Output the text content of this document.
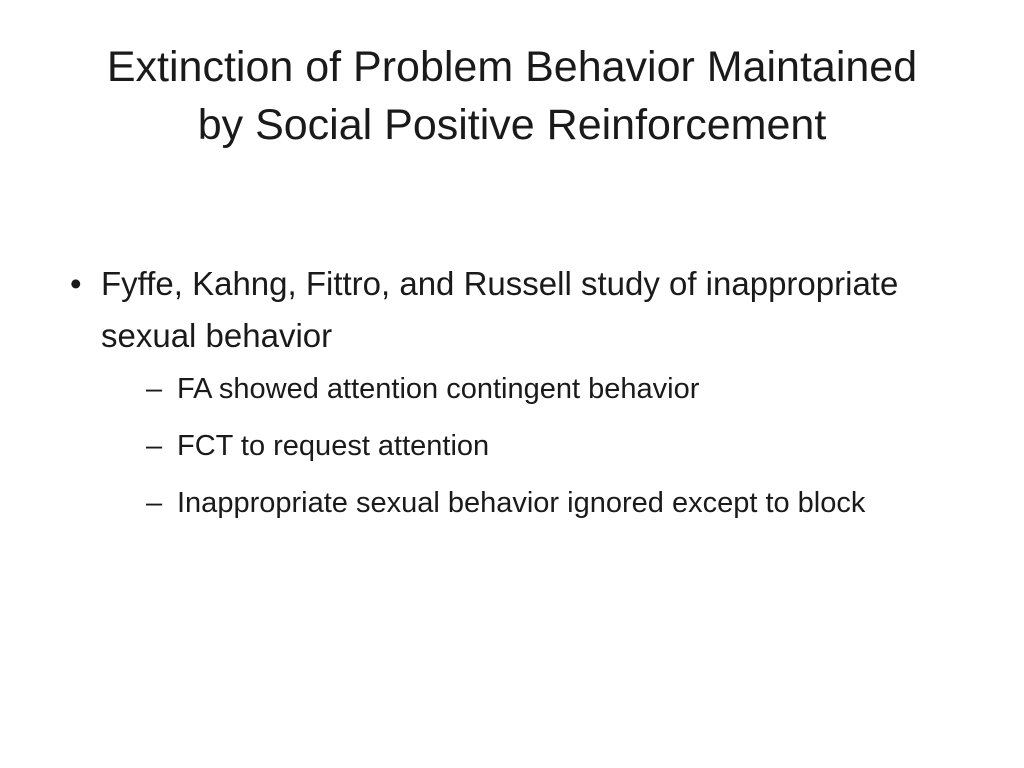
Extinction of Problem Behavior Maintained
by Social Positive Reinforcement
• Fyffe, Kahng, Fittro, and Russell study of inappropriate sexual behavior
– FA showed attention contingent behavior
– FCT to request attention
– Inappropriate sexual behavior ignored except to block
